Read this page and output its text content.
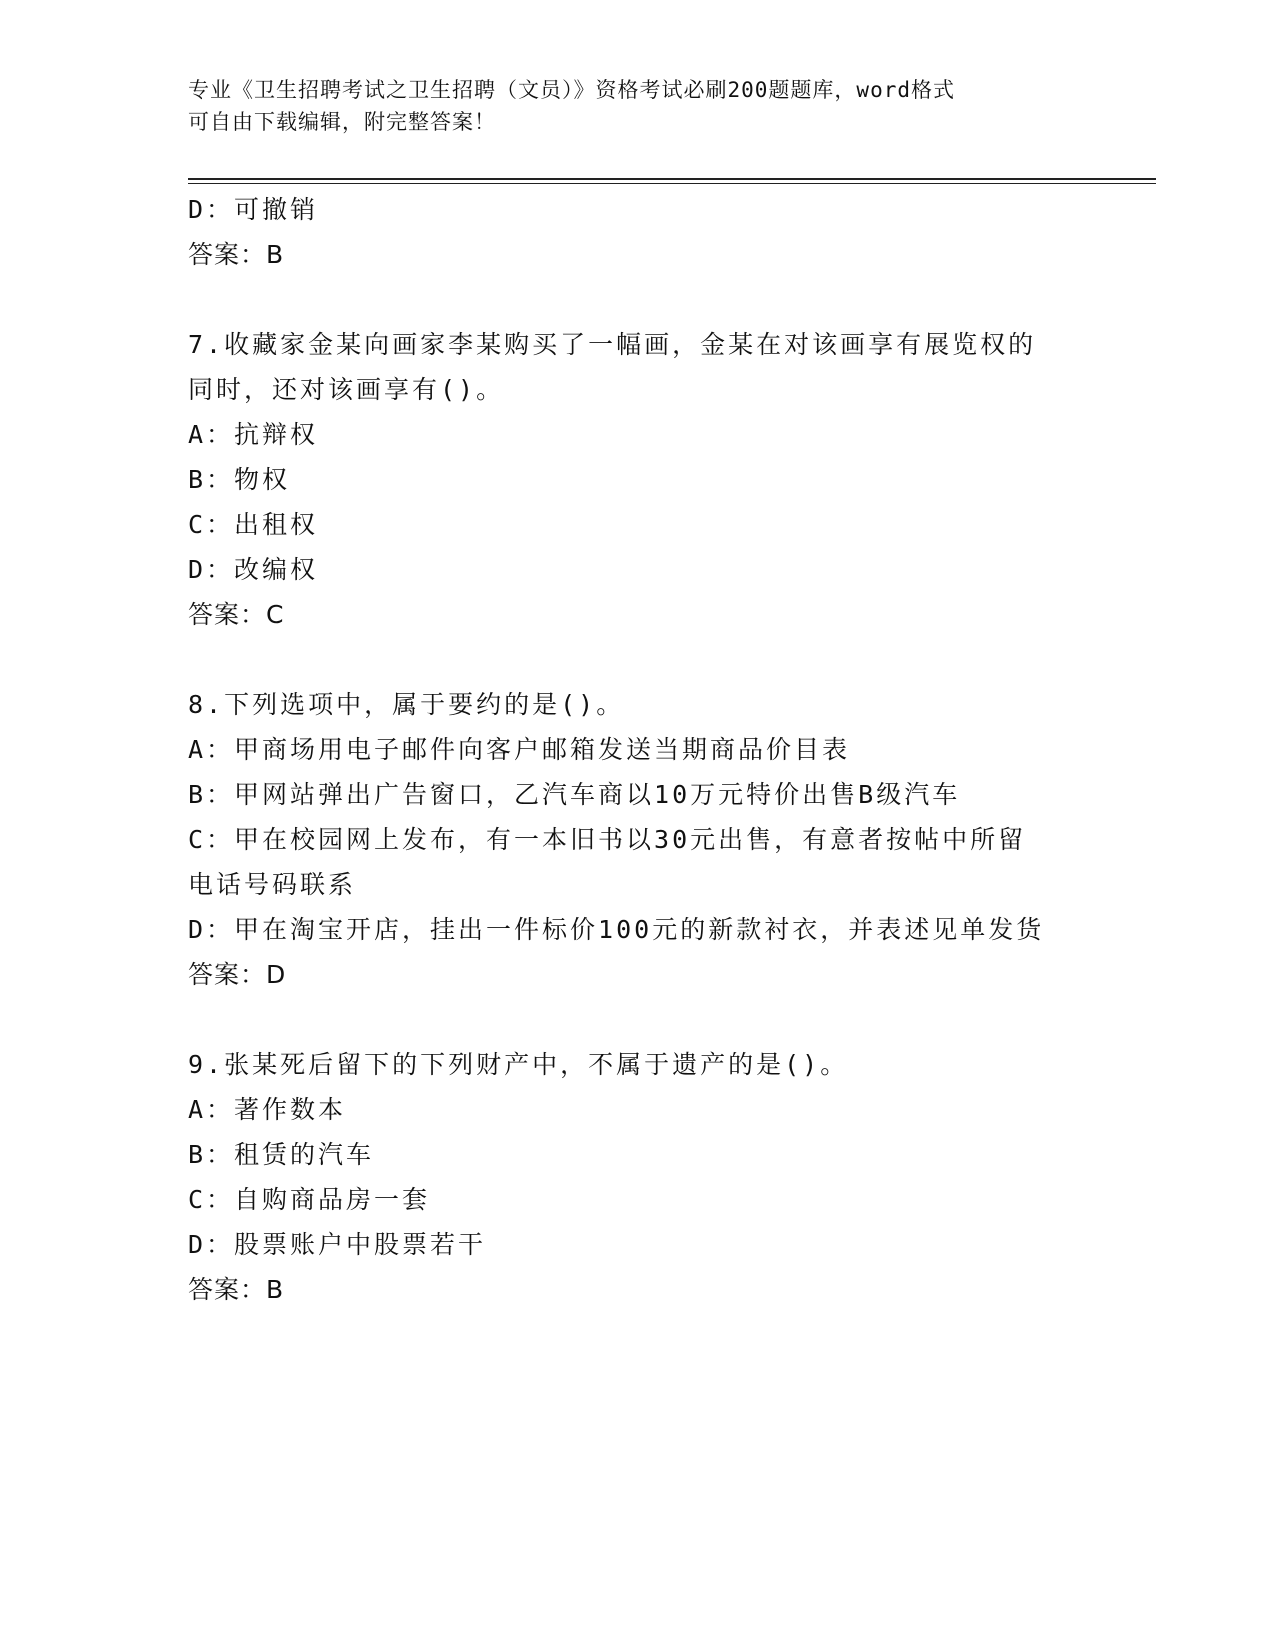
专业《卫生招聘考试之卫生招聘（文员）》资格考试必刷200题题库，word格式
可自由下载编辑，附完整答案！
D：可撤销
答案：B
7.收藏家金某向画家李某购买了一幅画，金某在对该画享有展览权的
同时，还对该画享有()。
A：抗辩权
B：物权
C：出租权
D：改编权
答案：C
8.下列选项中，属于要约的是()。
A：甲商场用电子邮件向客户邮箱发送当期商品价目表
B：甲网站弹出广告窗口，乙汽车商以10万元特价出售B级汽车
C：甲在校园网上发布，有一本旧书以30元出售，有意者按帖中所留
电话号码联系
D：甲在淘宝开店，挂出一件标价100元的新款衬衣，并表述见单发货
答案：D
9.张某死后留下的下列财产中，不属于遗产的是()。
A：著作数本
B：租赁的汽车
C：自购商品房一套
D：股票账户中股票若干
答案：B
